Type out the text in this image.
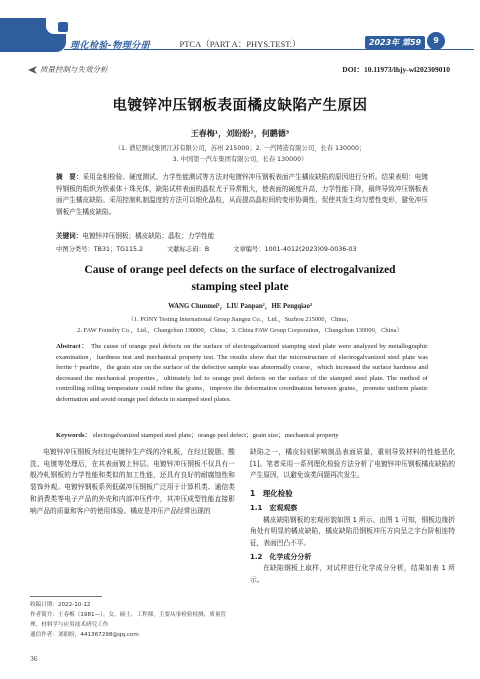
理化检验-物理分册	PTCA（PART A：PHYS.TEST.）	2023年 第59卷
9
质量控制与失效分析	DOI：10.11973/lhjy-wl202309010
电镀锌冲压钢板表面橘皮缺陷产生原因
王春梅¹，刘盼盼²，何鹏德³
（1. 谱尼测试集团江苏有限公司，苏州 215000；2. 一汽铸造有限公司，长春 130000；
3. 中国第一汽车集团有限公司，长春 130000）
摘　要：采用金相检验、硬度测试、力学性能测试等方法对电镀锌冲压钢板表面产生橘皮缺陷的原因进行分析。结果表明：电镀锌钢板的组织为铁素体＋珠光体，缺陷试样表面的晶粒尤于异常粗大，使表面的硬度升高，力学性能下降，最终导致冲压钢板表面产生橘皮缺陷。采用控制轧制温度的方法可以细化晶粒，从而提高晶粒间的变形协调性，促使其发生均匀塑性变形，避免冲压钢板产生橘皮缺陷。
关键词：电镀锌冲压钢板；橘皮缺陷；晶粒；力学性能
中图分类号：TB31；TG115.2	文献标志码：B	文章编号：1001-4012(2023)09-0036-03
Cause of orange peel defects on the surface of electrogalvanized
stamping steel plate
WANG Chunmei¹，LIU Panpan²，HE Pengqiao³
（1. PONY Testing International Group Jiangsu Co.，Ltd.，Suzhou 215000，China；
2. FAW Foundry Co.，Ltd.，Changchun 130000，China；3. China FAW Group Corporation，Changchun 130000，China）
Abstract： The cause of orange peel defects on the surface of electrogalvanized stamping steel plate were analyzed by metallographic examination，hardness test and mechanical property test. The results show that the microstructure of electrogalvanized steel plate was ferrite＋pearlite，the grain size on the surface of the defective sample was abnormally coarse，which increased the surface hardness and decreased the mechanical properties，ultimately led to orange peel defects on the surface of the stamped steel plate. The method of controlling rolling temperature could refine the grains，improve the deformation coordination between grains，promote uniform plastic deformation and avoid orange peel defects in stamped steel plates.
Keywords： electrogalvanized stamped steel plate；orange peel defect；grain size；mechanical property

电镀锌冲压钢板为经过电镀锌生产线的冷轧板，在经过脱脂、酸洗、电镀等处理后，在其表面镀上锌层。电镀锌冲压钢板不仅具有一般冷轧钢板的力学性能和类似的加工性能，还具有良好的耐腐蚀性和装饰外观。电镀锌钢板系列低碳冲压钢板广泛用于计算机类、通信类和消费类等电子产品的外壳和内部冲压件中，其冲压成型性能直接影响产品的质量和客户的使用体验。橘皮是冲压产品经常出现的

缺陷之一，橘皮轻则影响制品表面质量，重则导致材料的性能恶化[1]。笔者采用一系列理化检验方法分析了电镀锌冲压钢板橘皮缺陷的产生原因，以避免该类问题再次发生。

1　理化检验
1.1　宏观观察

橘皮缺陷钢板的宏观形貌如图 1 所示。由图 1 可知，钢板边缘折角处有明显的橘皮缺陷，橘皮缺陷沿钢板冲压方向呈之字台阶相连特征，表面凹凸不平。

1.2　化学成分分析

在缺陷钢板上取样，对试样进行化学成分分析，结果如表 1 所示。

收稿日期：2022-10-12
作者简介：王春梅（1981—），女，硕士，工程师，主要从事检验检测、质量管理、材料学与应用技术研究工作
通信作者：刘盼盼，441367298@qq.com
36
